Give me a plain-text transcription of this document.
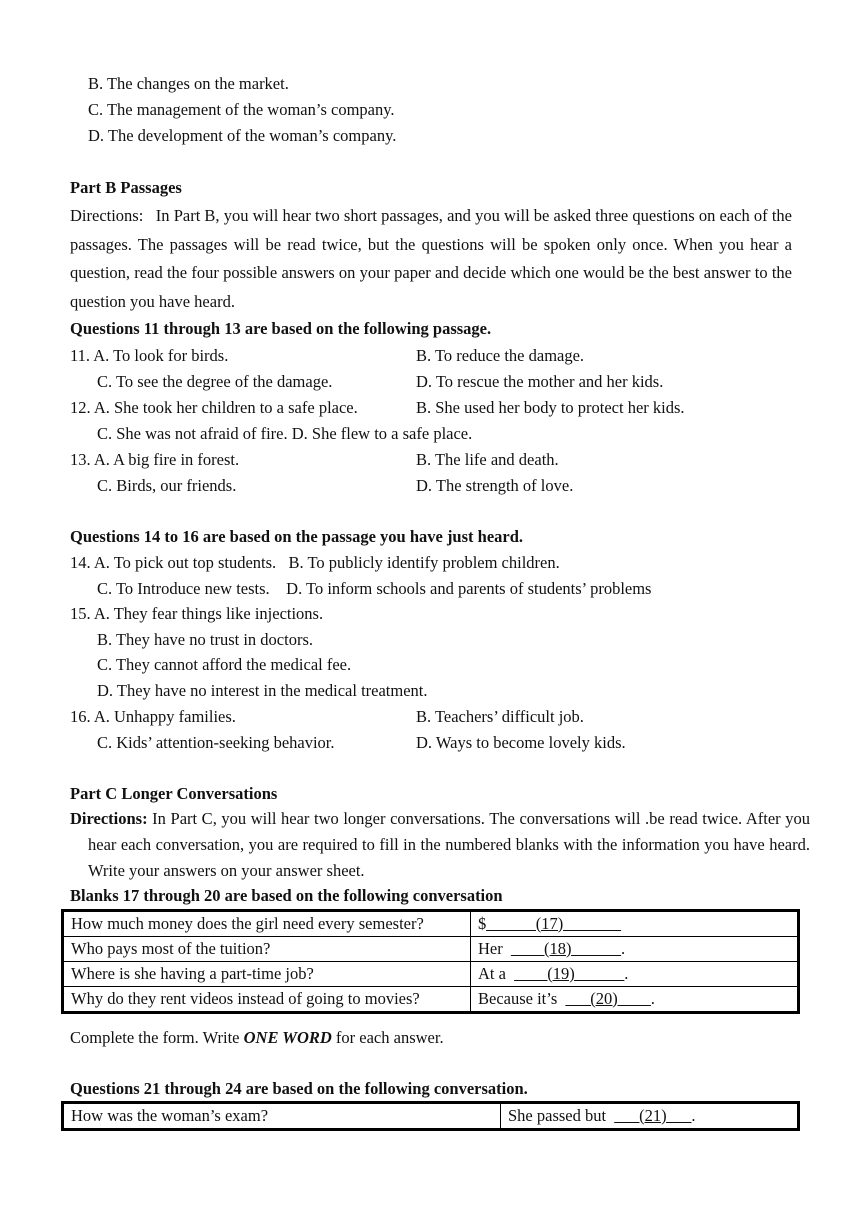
B. The changes on the market.
C. The management of the woman’s company.
D. The development of the woman’s company.
Part B Passages
Directions:   In Part B, you will hear two short passages, and you will be asked three questions on each of the passages. The passages will be read twice, but the questions will be spoken only once. When you hear a question, read the four possible answers on your paper and decide which one would be the best answer to the question you have heard.
Questions 11 through 13 are based on the following passage.
11. A. To look for birds.	B. To reduce the damage.
C. To see the degree of the damage.	D. To rescue the mother and her kids.
12. A. She took her children to a safe place.	B. She used her body to protect her kids.
C. She was not afraid of fire. D. She flew to a safe place.
13. A. A big fire in forest.	B. The life and death.
C. Birds, our friends.	D. The strength of love.
Questions 14 to 16 are based on the passage you have just heard.
14. A. To pick out top students.   B. To publicly identify problem children.
C. To Introduce new tests.    D. To inform schools and parents of students’ problems
15. A. They fear things like injections.
B. They have no trust in doctors.
C. They cannot afford the medical fee.
D. They have no interest in the medical treatment.
16. A. Unhappy families.	B. Teachers’ difficult job.
C. Kids’ attention-seeking behavior.	D. Ways to become lovely kids.
Part C Longer Conversations
Directions: In Part C, you will hear two longer conversations. The conversations will .be read twice. After you hear each conversation, you are required to fill in the numbered blanks with the information you have heard. Write your answers on your answer sheet.
Blanks 17 through 20 are based on the following conversation
How much money does the girl need every semester?	$______(17)_______
Who pays most of the tuition?	Her  ____(18)______.
Where is she having a part-time job?	At a  ____(19)______.
Why do they rent videos instead of going to movies?	Because it’s  ___(20)____.
Complete the form. Write ONE WORD for each answer.
Questions 21 through 24 are based on the following conversation.
How was the woman’s exam?	She passed but  ___(21)___.
